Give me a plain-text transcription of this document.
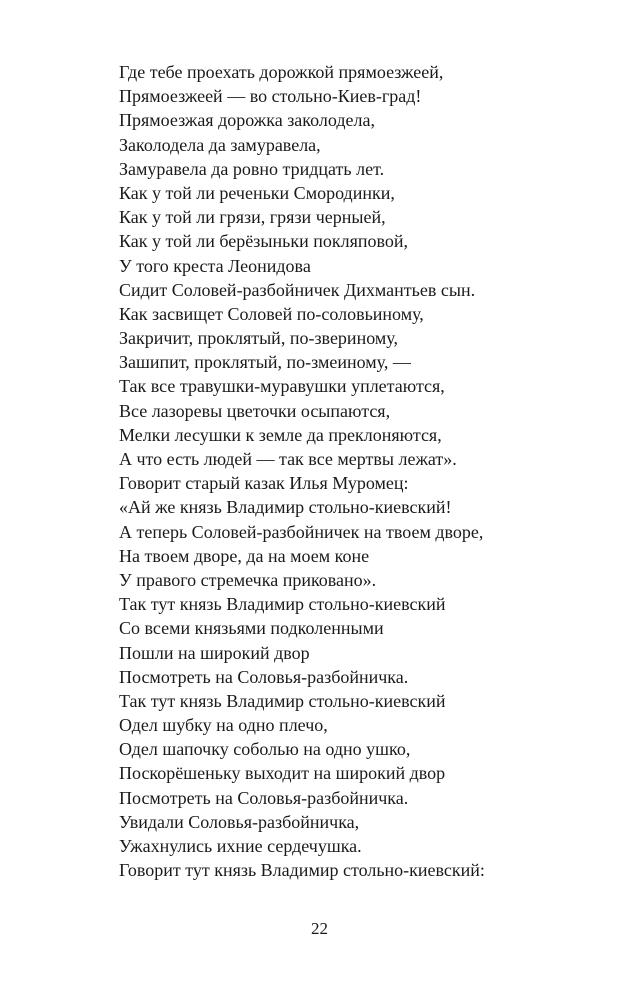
Где тебе проехать дорожкой прямоезжеей,
Прямоезжеей — во стольно-Киев-град!
Прямоезжая дорожка заколодела,
Заколодела да замуравела,
Замуравела да ровно тридцать лет.
Как у той ли реченьки Смородинки,
Как у той ли грязи, грязи черныей,
Как у той ли берёзыньки покляповой,
У того креста Леонидова
Сидит Соловей-разбойничек Дихмантьев сын.
Как засвищет Соловей по-соловьиному,
Закричит, проклятый, по-звериному,
Зашипит, проклятый, по-змеиному, —
Так все травушки-муравушки уплетаются,
Все лазоревы цветочки осыпаются,
Мелки лесушки к земле да преклоняются,
А что есть людей — так все мертвы лежат».
Говорит старый казак Илья Муромец:
«Ай же князь Владимир стольно-киевский!
А теперь Соловей-разбойничек на твоем дворе,
На твоем дворе, да на моем коне
У правого стремечка приковано».
Так тут князь Владимир стольно-киевский
Со всеми князьями подколенными
Пошли на широкий двор
Посмотреть на Соловья-разбойничка.
Так тут князь Владимир стольно-киевский
Одел шубку на одно плечо,
Одел шапочку соболью на одно ушко,
Поскорёшеньку выходит на широкий двор
Посмотреть на Соловья-разбойничка.
Увидали Соловья-разбойничка,
Ужахнулись ихние сердечушка.
Говорит тут князь Владимир стольно-киевский:
22
